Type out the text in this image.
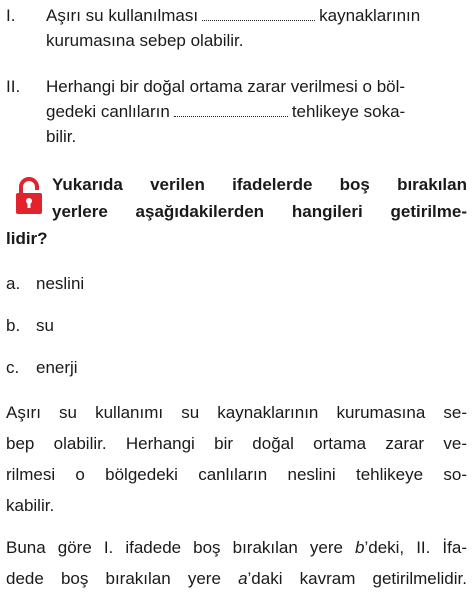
I. Aşırı su kullanılması	kaynaklarının
kurumasına sebep olabilir.
II. Herhangi bir doğal ortama zarar verilmesi o böl-
gedeki canlıların	tehlikeye soka-
bilir.
Yukarıda verilen ifadelerde boş bırakılan
yerlere aşağıdakilerden hangileri getirilme-
lidir?
a. neslini
b. su
c. enerji
Aşırı su kullanımı su kaynaklarının kurumasına se-
bep olabilir. Herhangi bir doğal ortama zarar ve-
rilmesi o bölgedeki canlıların neslini tehlikeye so-
kabilir.
Buna göre I. ifadede boş bırakılan yere b’deki, II. İfa-
dede boş bırakılan yere a’daki kavram getirilmelidir.
